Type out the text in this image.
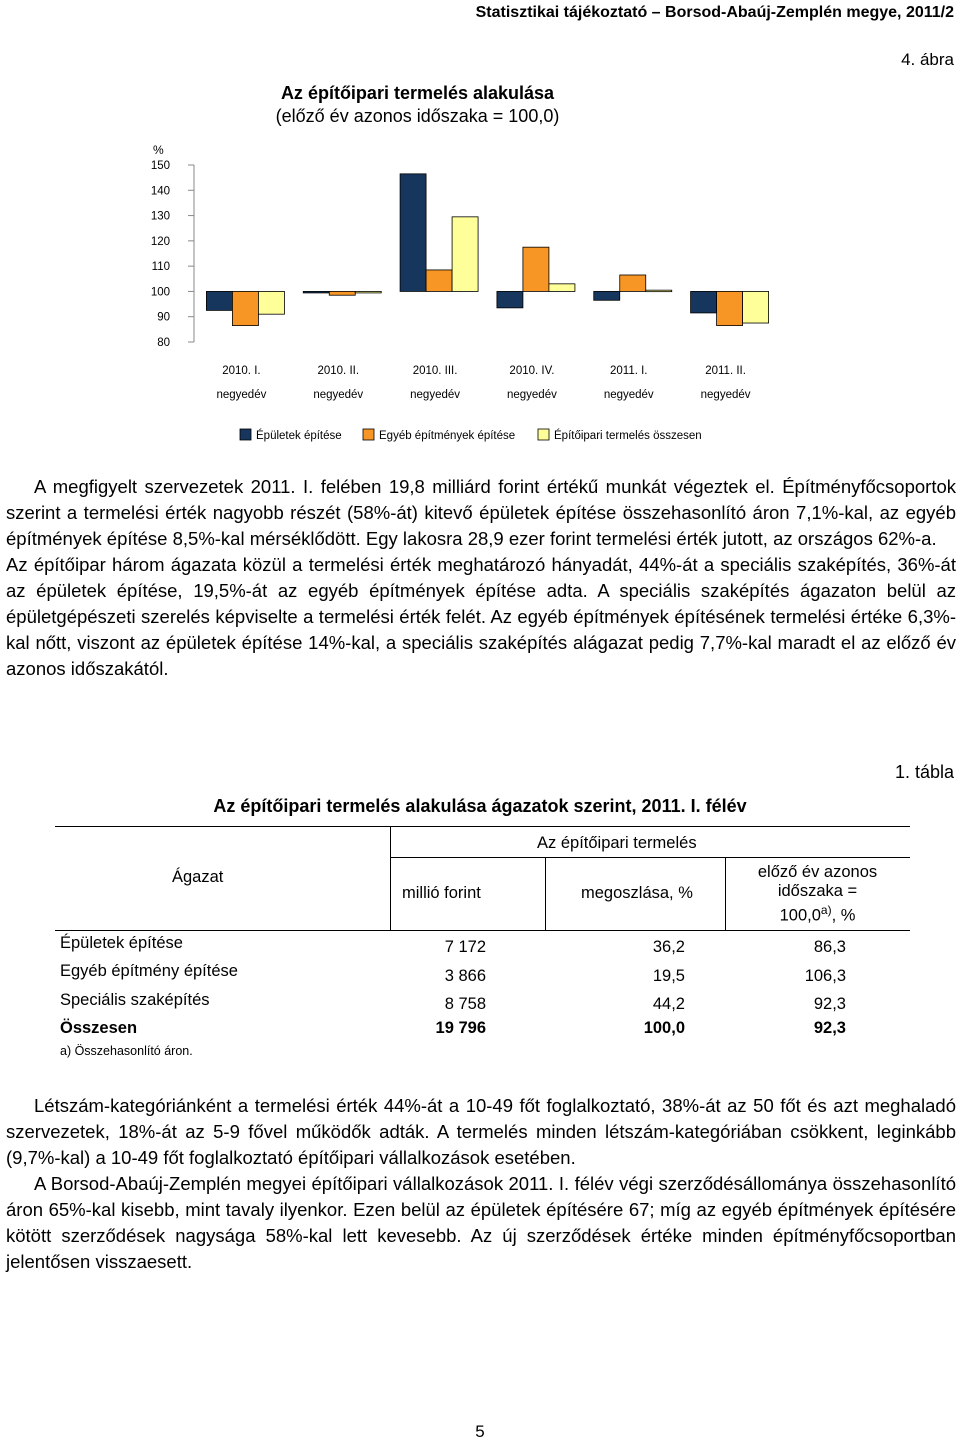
Statisztikai tájékoztató – Borsod-Abaúj-Zemplén megye, 2011/2
4. ábra
Az építőipari termelés alakulása
(előző év azonos időszaka = 100,0)
%
80
90
100
110
120
130
140
150
2010. I.
negyedév
2010. II.
negyedév
2010. III.
negyedév
2010. IV.
negyedév
2011. I.
negyedév
2011. II.
negyedév
Épületek építése	Egyéb építmények építése	Építőipari termelés összesen

A megfigyelt szervezetek 2011. I. felében 19,8 milliárd forint értékű munkát végeztek el. Építményfőcsoportok szerint a termelési érték nagyobb részét (58%-át) kitevő épületek építése összehasonlító áron 7,1%-kal, az egyéb építmények építése 8,5%-kal mérséklődött. Egy lakosra 28,9 ezer forint termelési érték jutott, az országos 62%-a.

Az építőipar három ágazata közül a termelési érték meghatározó hányadát, 44%-át a speciális szaképítés, 36%-át az épületek építése, 19,5%-át az egyéb építmények építése adta. A speciális szaképítés ágazaton belül az épületgépészeti szerelés képviselte a termelési érték felét. Az egyéb építmények építésének termelési értéke 6,3%-kal nőtt, viszont az épületek építése 14%-kal, a speciális szaképítés alágazat pedig 7,7%-kal maradt el az előző év azonos időszakától.

1. tábla
Az építőipari termelés alakulása ágazatok szerint, 2011. I. félév
Ágazat
Az építőipari termelés
millió forint	megoszlása, %
előző év azonos
időszaka =
100,0$^{a)}$, %
Épületek építése	7 172	36,2	86,3
Egyéb építmény építése	3 866	19,5	106,3
Speciális szaképítés	8 758	44,2	92,3
Összesen	19 796	100,0	92,3
a) Összehasonlító áron.

Létszám-kategóriánként a termelési érték 44%-át a 10-49 főt foglalkoztató, 38%-át az 50 főt és azt meghaladó szervezetek, 18%-át az 5-9 fővel működők adták. A termelés minden létszám-kategóriában csökkent, leginkább (9,7%-kal) a 10-49 főt foglalkoztató építőipari vállalkozások esetében.

A Borsod-Abaúj-Zemplén megyei építőipari vállalkozások 2011. I. félév végi szerződésállománya összehasonlító áron 65%-kal kisebb, mint tavaly ilyenkor. Ezen belül az épületek építésére 67; míg az egyéb építmények építésére kötött szerződések nagysága 58%-kal lett kevesebb. Az új szerződések értéke minden építményfőcsoportban jelentősen visszaesett.

5
